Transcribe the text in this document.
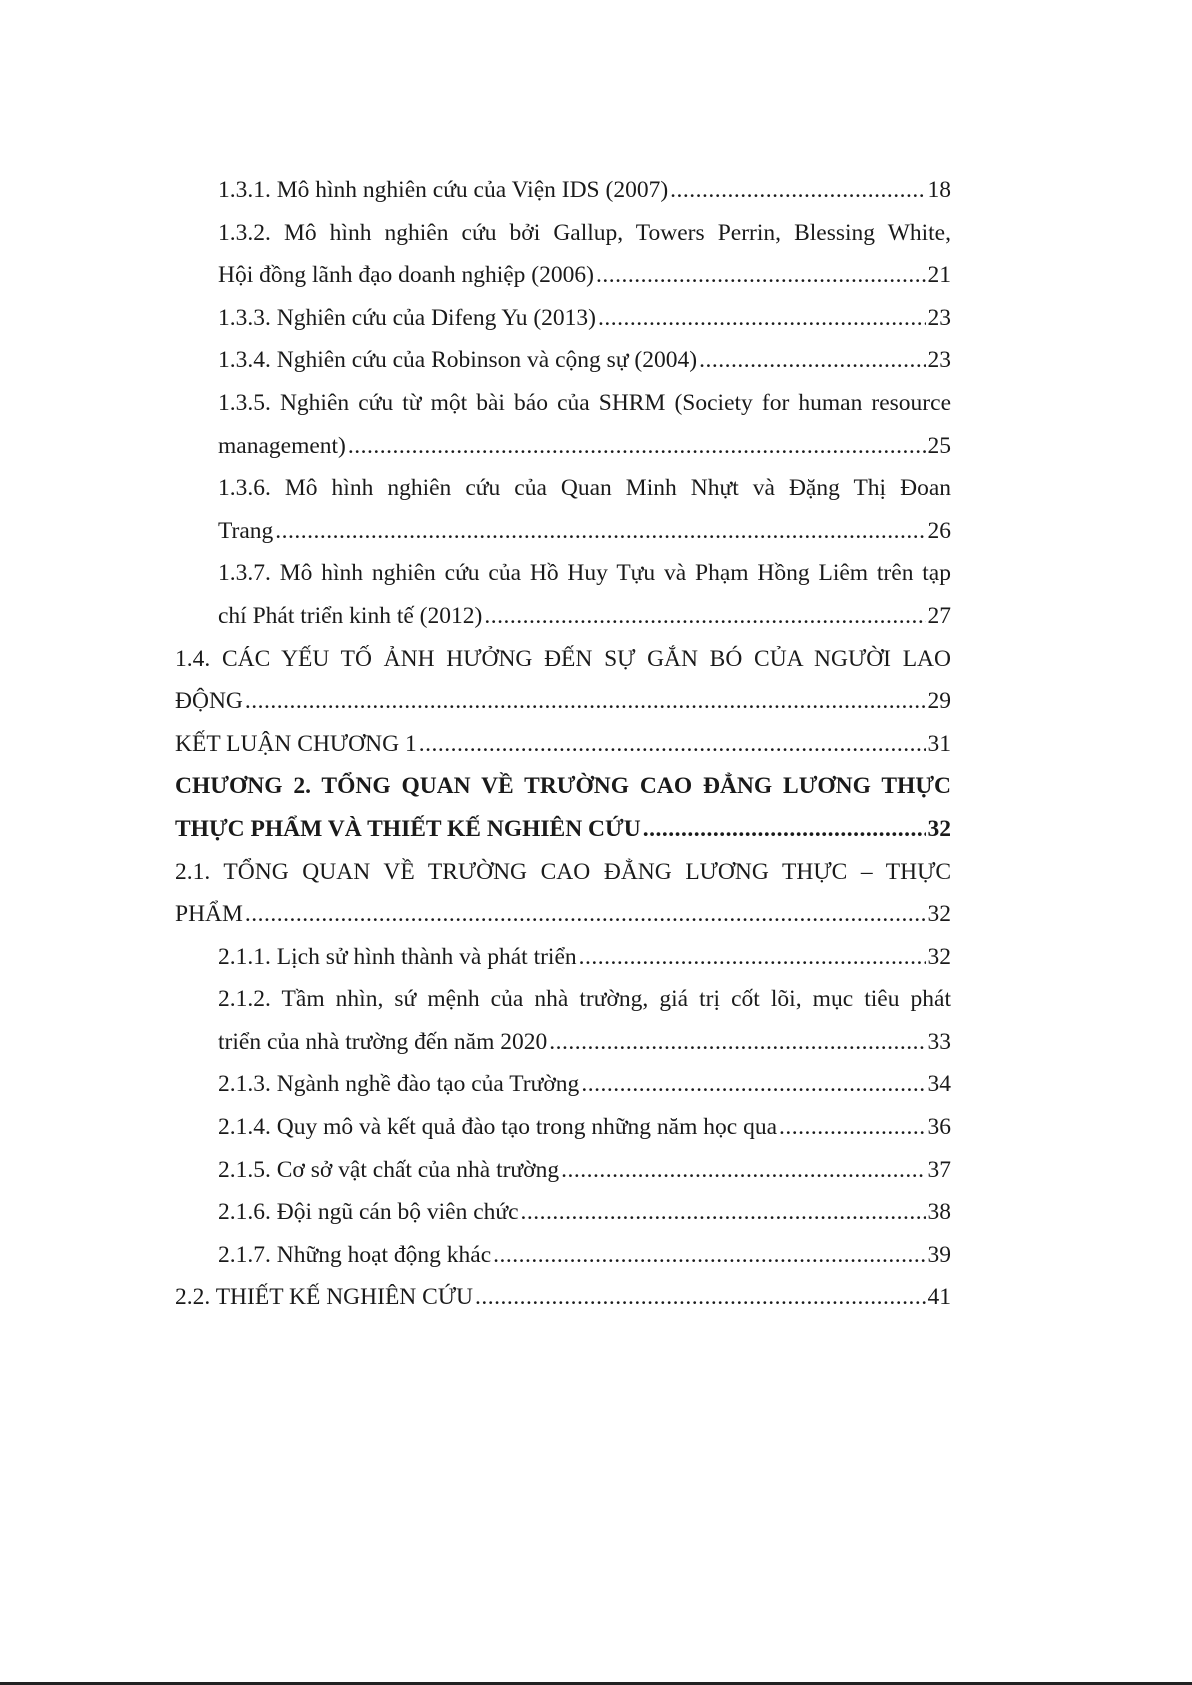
1.3.1. Mô hình nghiên cứu của Viện IDS (2007) .....	18
1.3.2. Mô hình nghiên cứu bởi Gallup, Towers Perrin, Blessing White,
Hội đồng lãnh đạo doanh nghiệp (2006) .....	21
1.3.3. Nghiên cứu của Difeng Yu (2013) .....	23
1.3.4. Nghiên cứu của Robinson và cộng sự (2004) .....	23
1.3.5. Nghiên cứu từ một bài báo của SHRM (Society for human resource
management) .....	25
1.3.6. Mô hình nghiên cứu của Quan Minh Nhựt và Đặng Thị Đoan
Trang .....	26
1.3.7. Mô hình nghiên cứu của Hồ Huy Tựu và Phạm Hồng Liêm trên tạp
chí Phát triển kinh tế (2012) .....	27
1.4. CÁC YẾU TỐ ẢNH HƯỞNG ĐẾN SỰ GẮN BÓ CỦA NGƯỜI LAO
ĐỘNG .....	29
KẾT LUẬN CHƯƠNG 1 .....	31
CHƯƠNG 2. TỔNG QUAN VỀ TRƯỜNG CAO ĐẲNG LƯƠNG THỰC
THỰC PHẨM VÀ THIẾT KẾ NGHIÊN CỨU .....	32
2.1. TỔNG QUAN VỀ TRƯỜNG CAO ĐẲNG LƯƠNG THỰC – THỰC
PHẨM .....	32
2.1.1. Lịch sử hình thành và phát triển .....	32
2.1.2. Tầm nhìn, sứ mệnh của nhà trường, giá trị cốt lõi, mục tiêu phát
triển của nhà trường đến năm 2020 .....	33
2.1.3. Ngành nghề đào tạo của Trường .....	34
2.1.4. Quy mô và kết quả đào tạo trong những năm học qua .....	36
2.1.5. Cơ sở vật chất của nhà trường .....	37
2.1.6. Đội ngũ cán bộ viên chức .....	38
2.1.7. Những hoạt động khác .....	39
2.2. THIẾT KẾ NGHIÊN CỨU .....	41
